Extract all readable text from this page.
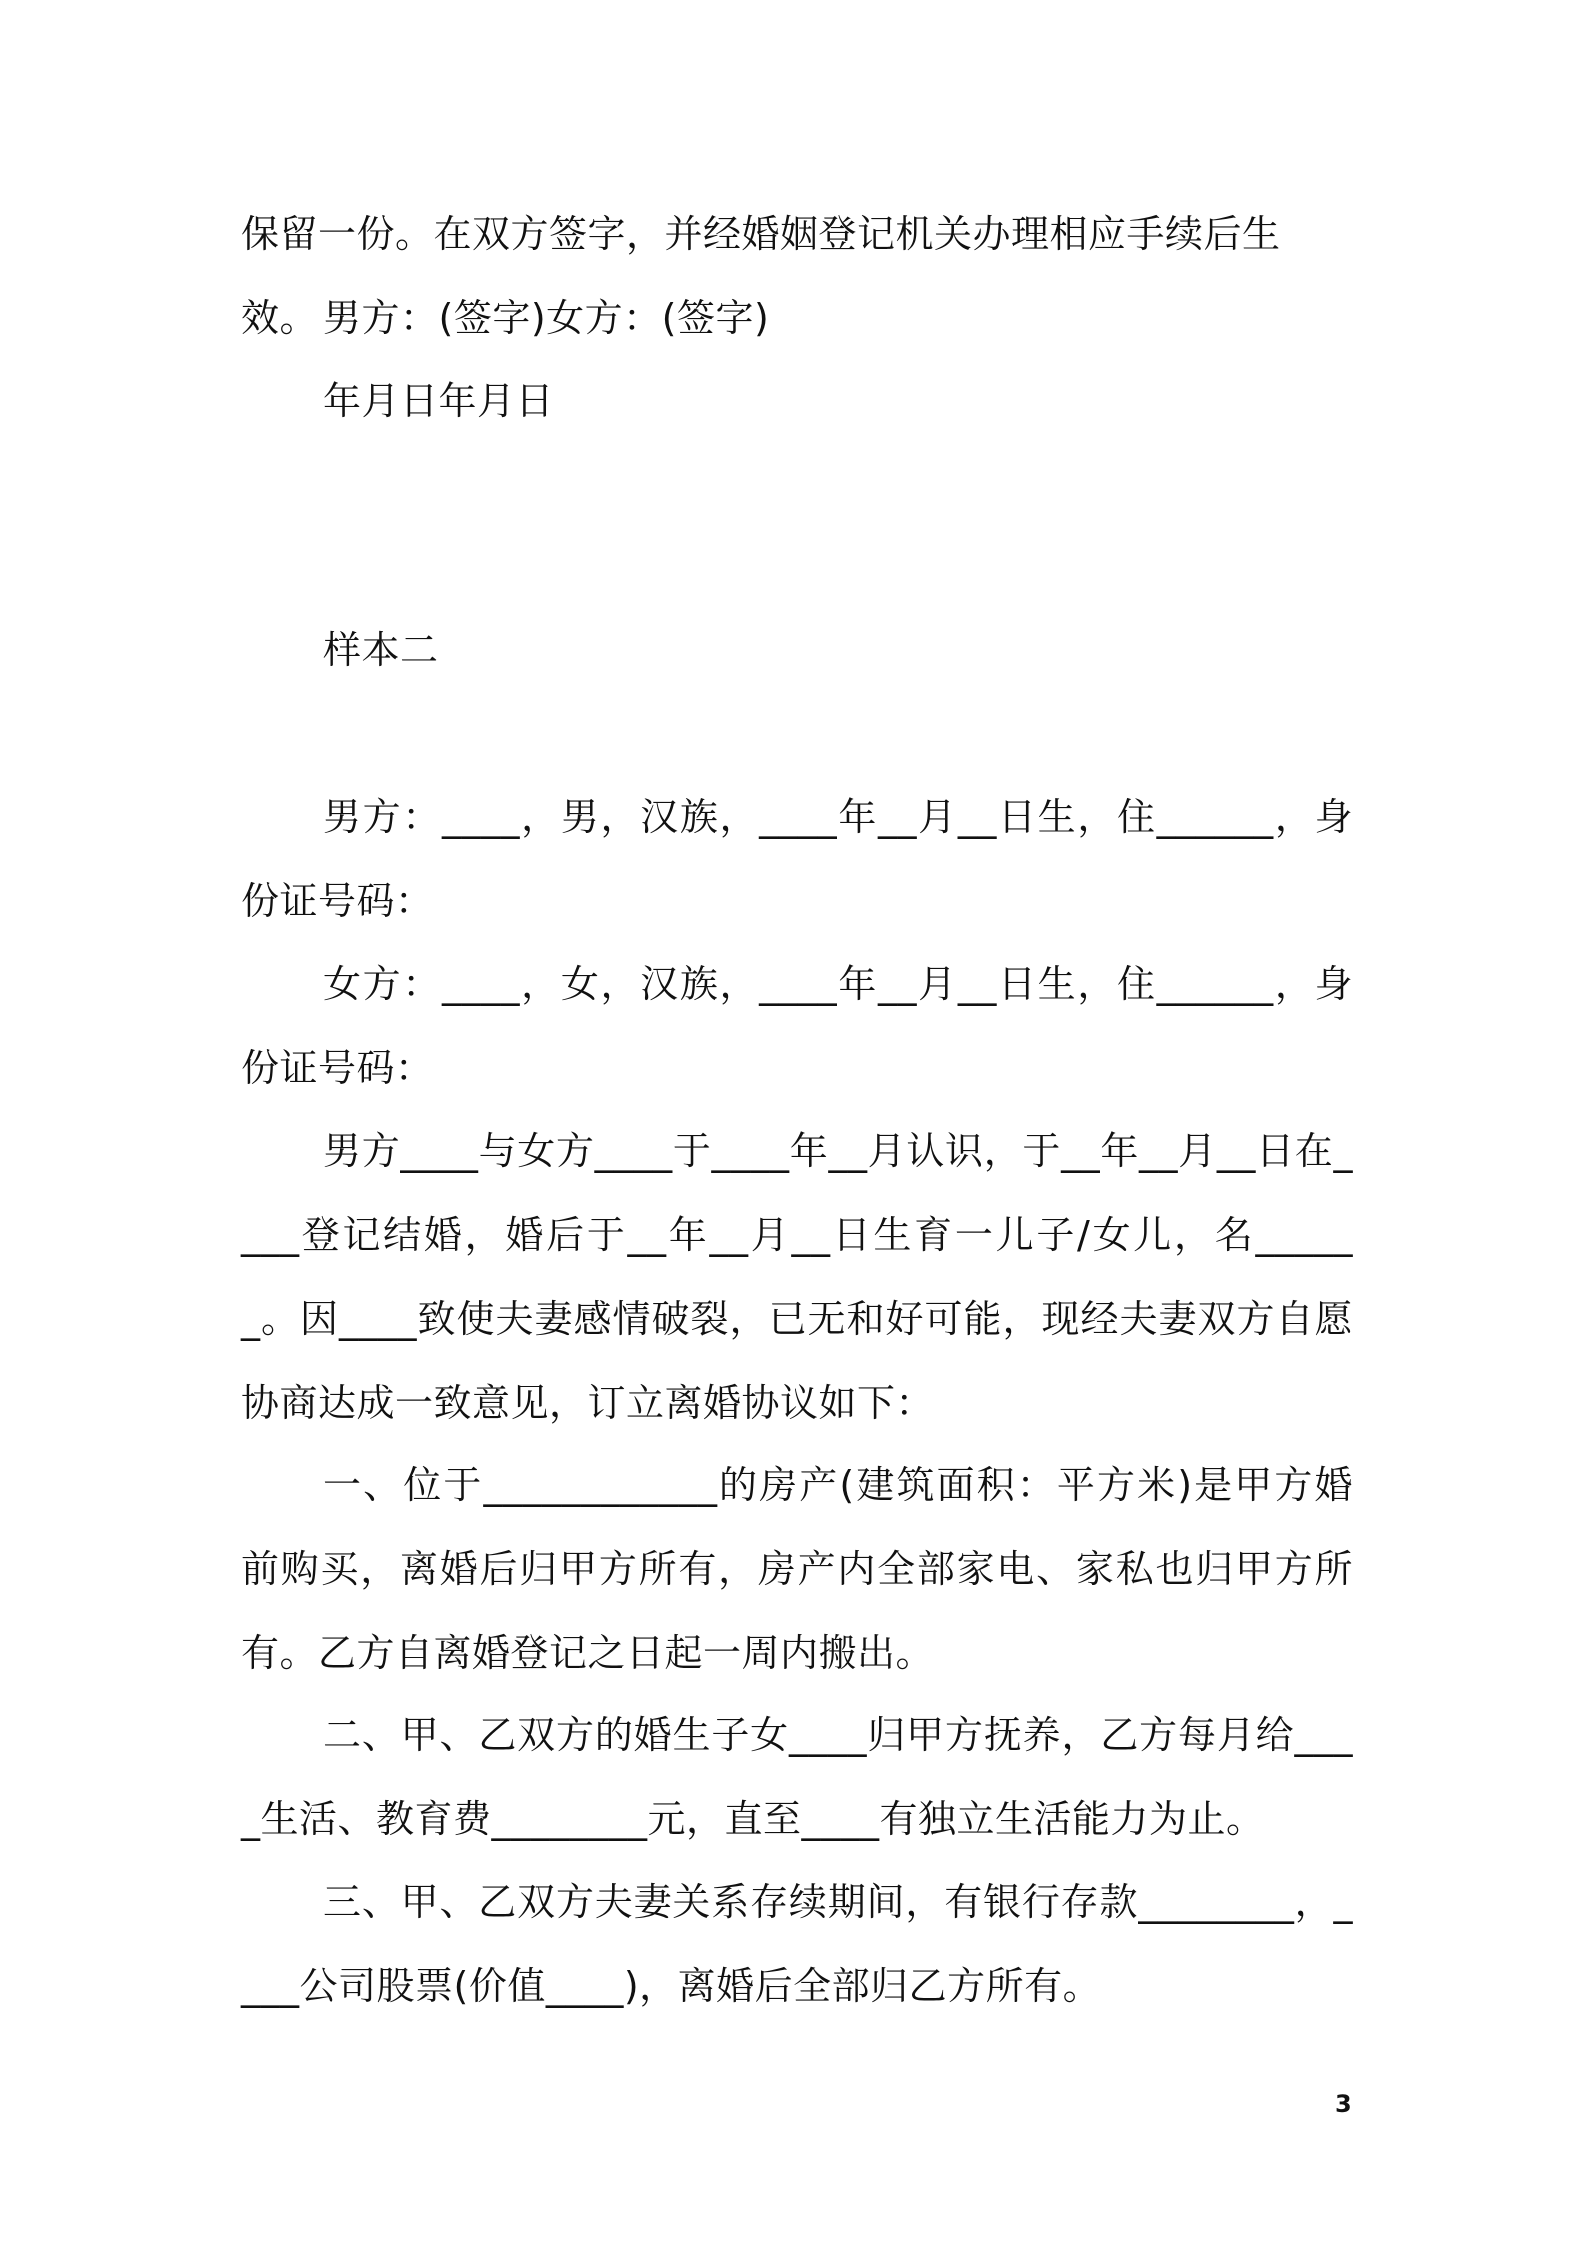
保留一份。在双方签字，并经婚姻登记机关办理相应手续后生效。 男方：(签字)女方：(签字)
年月日年月日
样本二
男方：____，男，汉族，____年__月__日生，住______，身份证号码：
女方：____，女，汉族，____年__月__日生，住______，身份证号码：
男方____与女方____于____年__月认识，于__年__月__日在____登记结婚，婚后于__年__月__日生育一儿子/女儿，名______。因____致使夫妻感情破裂，已无和好可能，现经夫妻双方自愿协商达成一致意见，订立离婚协议如下：
一、位于____________的房产(建筑面积：平方米)是甲方婚前购买，离婚后归甲方所有，房产内全部家电、家私也归甲方所有。乙方自离婚登记之日起一周内搬出。
二、甲、乙双方的婚生子女____归甲方抚养，乙方每月给____生活、教育费________元，直至____有独立生活能力为止。
三、甲、乙双方夫妻关系存续期间，有银行存款________，____公司股票(价值____)，离婚后全部归乙方所有。
3
